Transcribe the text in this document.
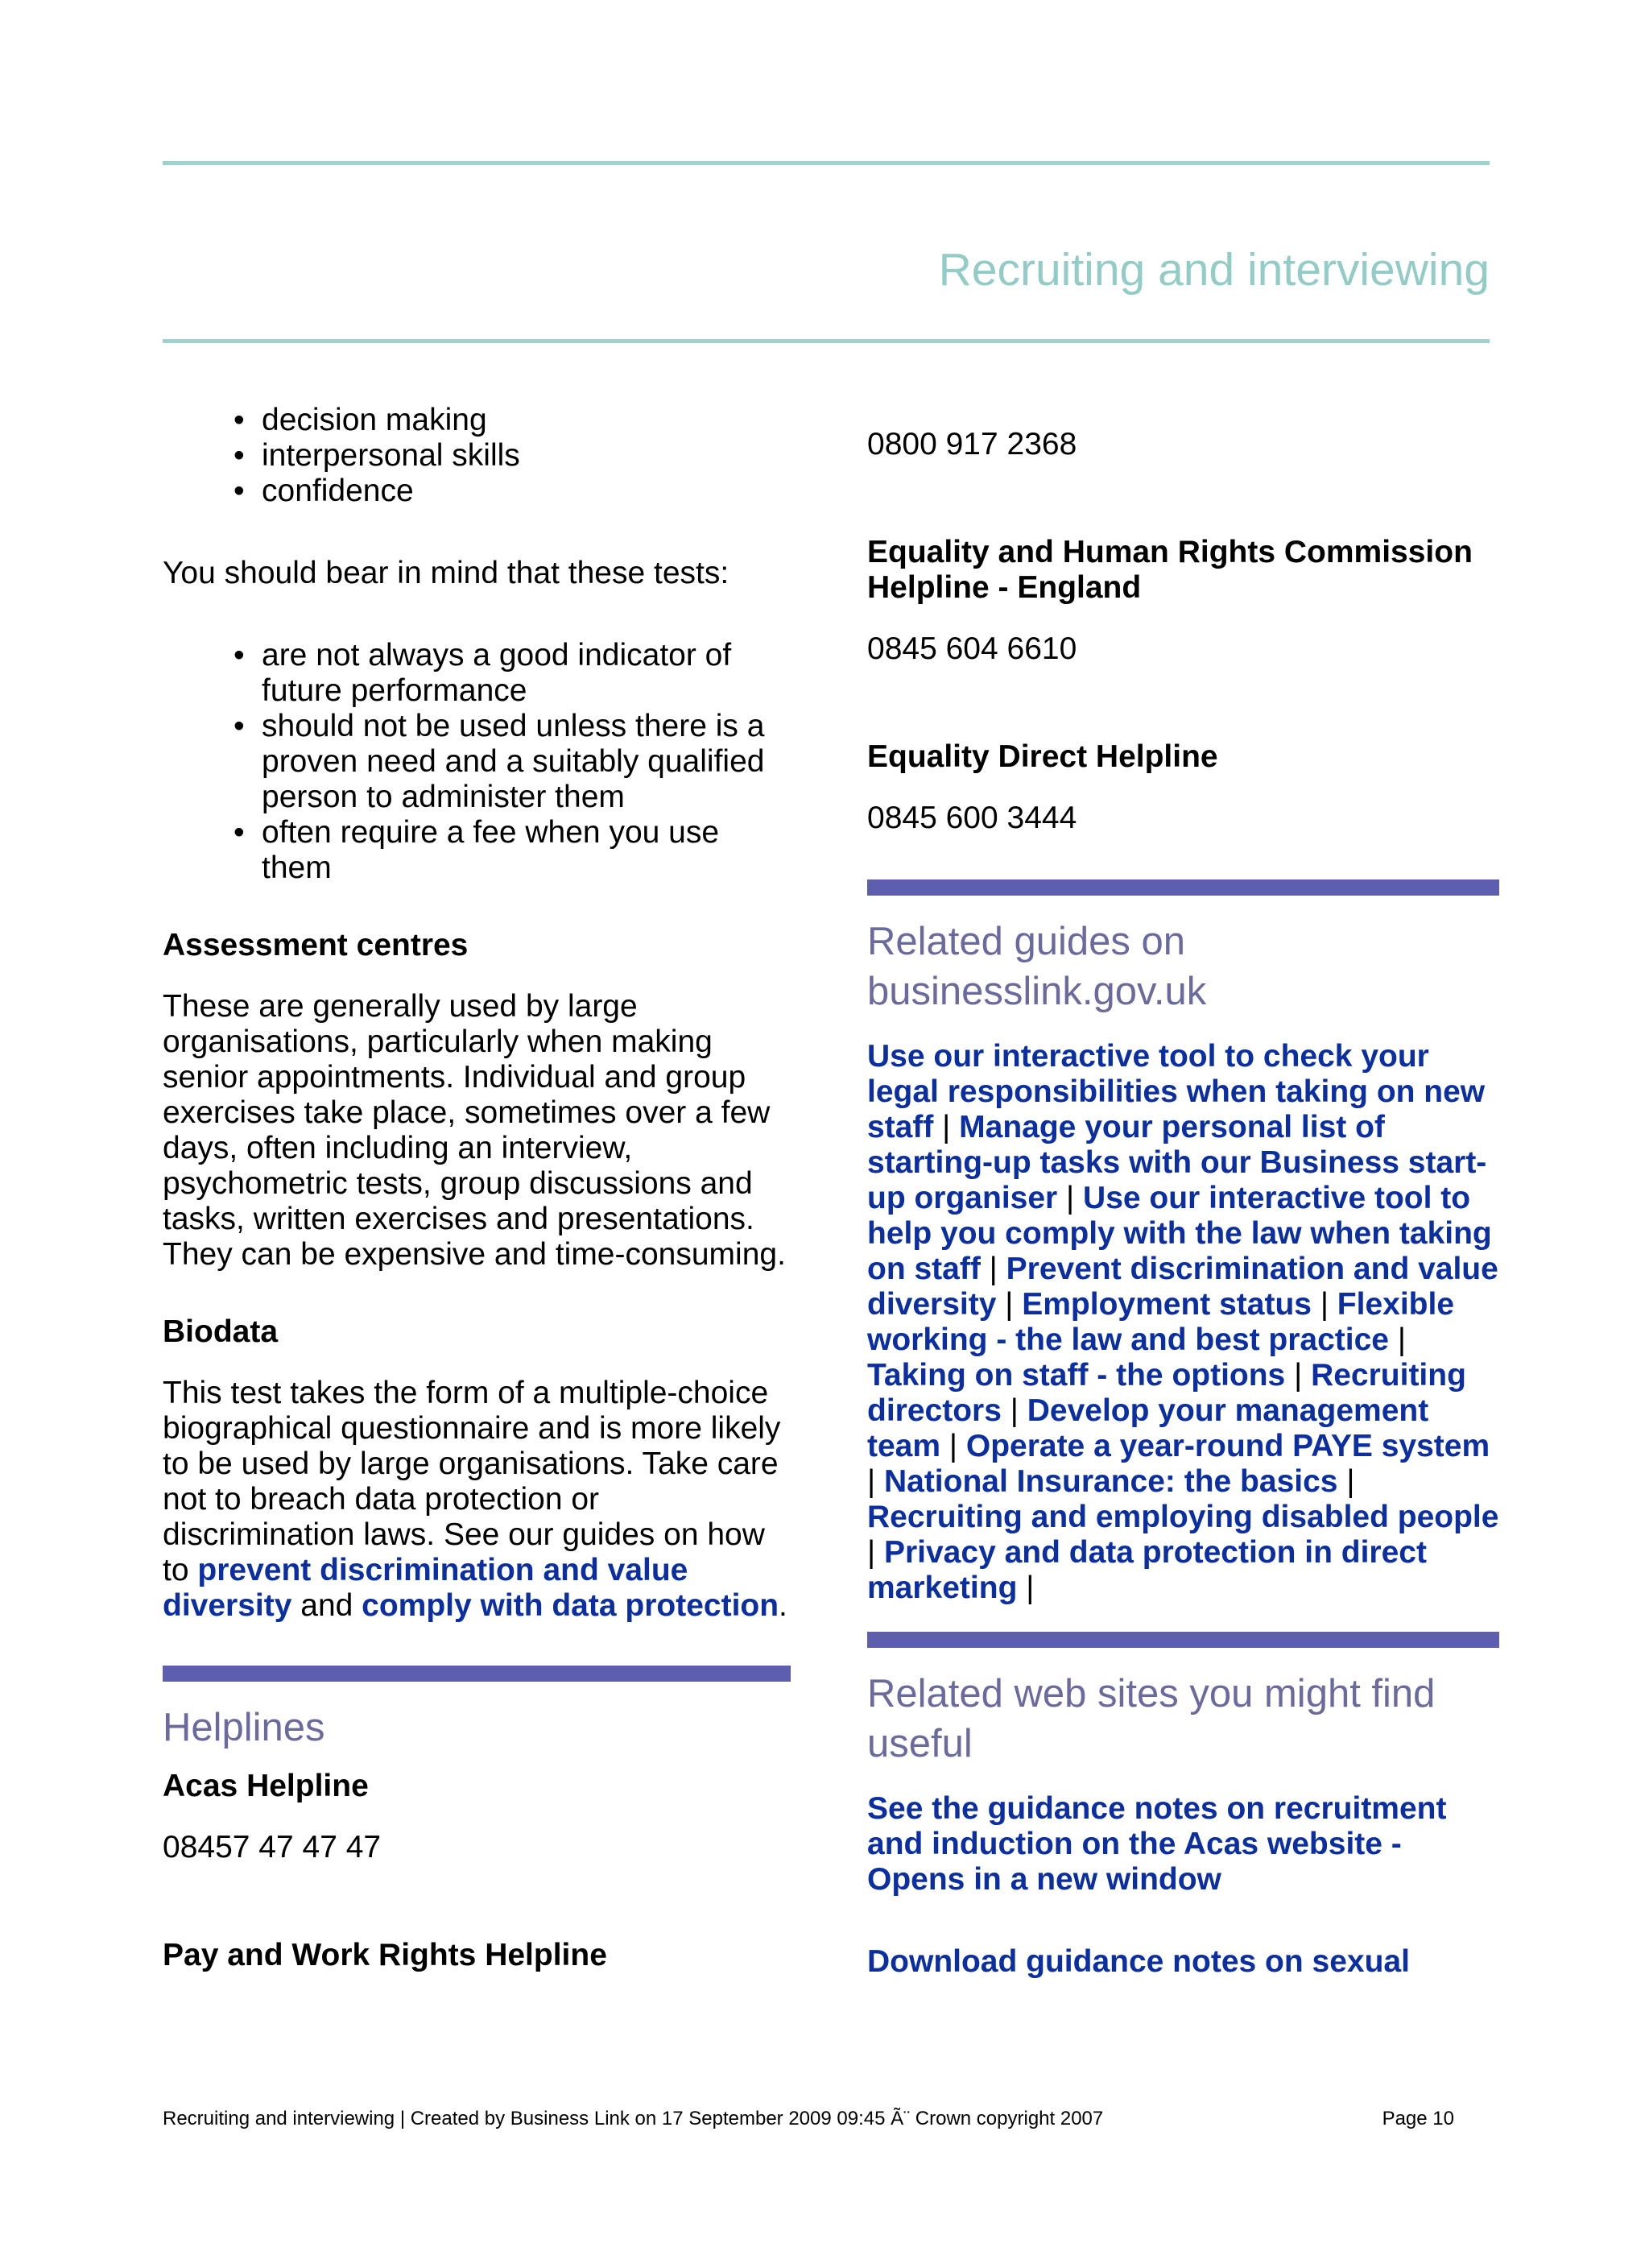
Recruiting and interviewing
• decision making
• interpersonal skills
• confidence

You should bear in mind that these tests:

• are not always a good indicator of future performance
• should not be used unless there is a proven need and a suitably qualified person to administer them
• often require a fee when you use them

Assessment centres

These are generally used by large organisations, particularly when making senior appointments. Individual and group exercises take place, sometimes over a few days, often including an interview, psychometric tests, group discussions and tasks, written exercises and presentations. They can be expensive and time-consuming.

Biodata

This test takes the form of a multiple-choice biographical questionnaire and is more likely to be used by large organisations. Take care not to breach data protection or discrimination laws. See our guides on how to prevent discrimination and value diversity and comply with data protection.

Helplines

Acas Helpline

08457 47 47 47

Pay and Work Rights Helpline

0800 917 2368

Equality and Human Rights Commission Helpline - England

0845 604 6610

Equality Direct Helpline

0845 600 3444

Related guides on businesslink.gov.uk

Use our interactive tool to check your legal responsibilities when taking on new staff | Manage your personal list of starting-up tasks with our Business start-up organiser | Use our interactive tool to help you comply with the law when taking on staff | Prevent discrimination and value diversity | Employment status | Flexible working - the law and best practice | Taking on staff - the options | Recruiting directors | Develop your management team | Operate a year-round PAYE system | National Insurance: the basics | Recruiting and employing disabled people | Privacy and data protection in direct marketing |

Related web sites you might find useful

See the guidance notes on recruitment and induction on the Acas website - Opens in a new window

Download guidance notes on sexual

Recruiting and interviewing | Created by Business Link on 17 September 2009 09:45 Ã¨ Crown copyright 2007	Page 10
